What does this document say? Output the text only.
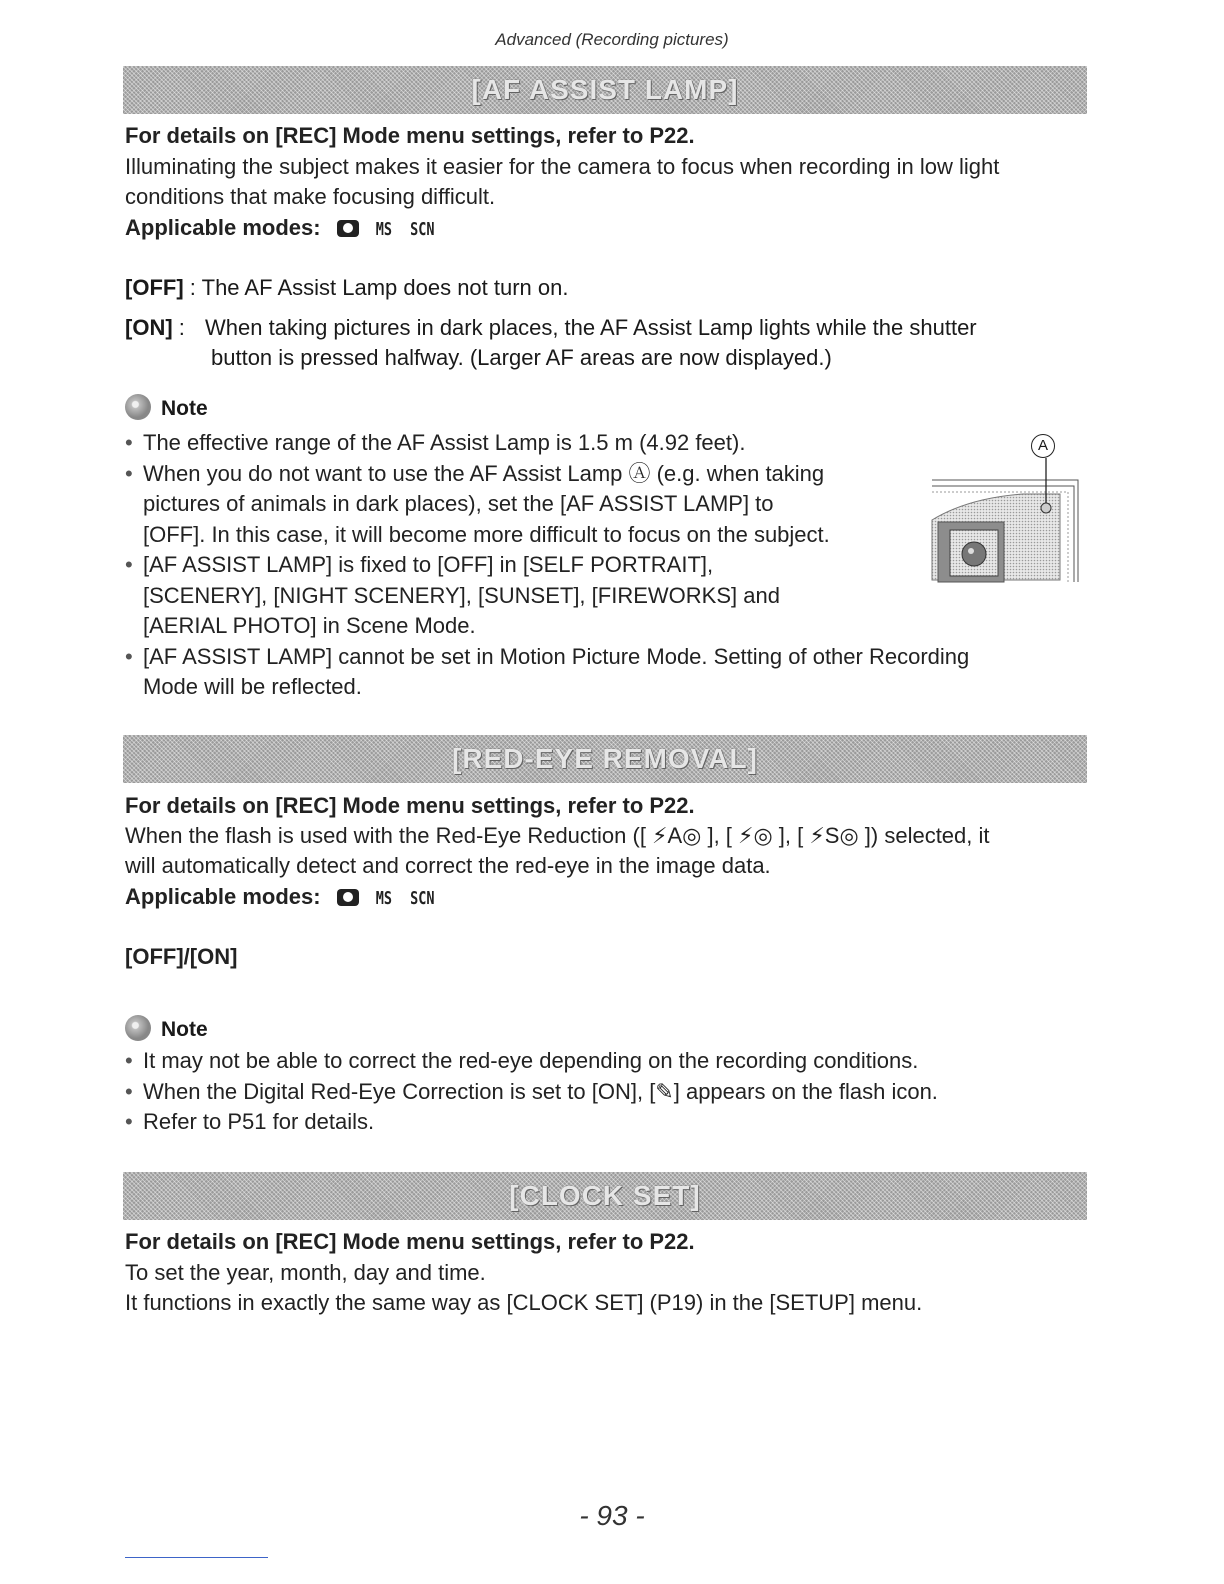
Advanced (Recording pictures)
[AF ASSIST LAMP]
For details on [REC] Mode menu settings, refer to P22.
Illuminating the subject makes it easier for the camera to focus when recording in low light
conditions that make focusing difficult.
Applicable modes:	MS SCN
[OFF] : The AF Assist Lamp does not turn on.
[ON] : When taking pictures in dark places, the AF Assist Lamp lights while the shutter
button is pressed halfway. (Larger AF areas are now displayed.)
Note
• The effective range of the AF Assist Lamp is 1.5 m (4.92 feet).
• When you do not want to use the AF Assist Lamp Ⓐ (e.g. when taking
pictures of animals in dark places), set the [AF ASSIST LAMP] to
[OFF]. In this case, it will become more difficult to focus on the subject.
• [AF ASSIST LAMP] is fixed to [OFF] in [SELF PORTRAIT],
[SCENERY], [NIGHT SCENERY], [SUNSET], [FIREWORKS] and
[AERIAL PHOTO] in Scene Mode.
• [AF ASSIST LAMP] cannot be set in Motion Picture Mode. Setting of other Recording
Mode will be reflected.
A
[RED-EYE REMOVAL]
For details on [REC] Mode menu settings, refer to P22.
When the flash is used with the Red-Eye Reduction ([ ⚡A◎ ], [ ⚡◎ ], [ ⚡S◎ ]) selected, it
will automatically detect and correct the red-eye in the image data.
Applicable modes:	MS SCN
[OFF]/[ON]
Note
• It may not be able to correct the red-eye depending on the recording conditions.
• When the Digital Red-Eye Correction is set to [ON], [✎] appears on the flash icon.
• Refer to P51 for details.
[CLOCK SET]
For details on [REC] Mode menu settings, refer to P22.
To set the year, month, day and time.
It functions in exactly the same way as [CLOCK SET] (P19) in the [SETUP] menu.
- 93 -
